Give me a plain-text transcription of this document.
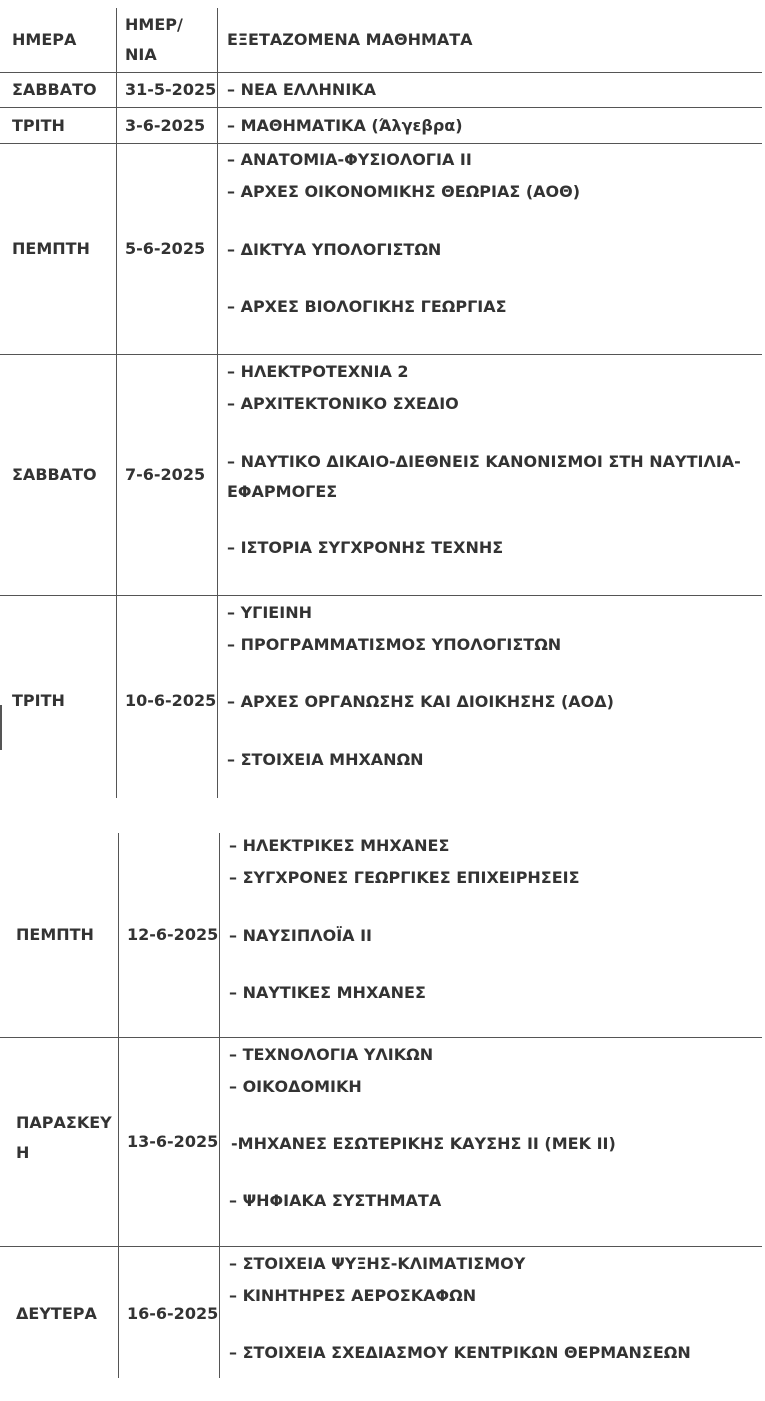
ΗΜΕΡΑ
ΗΜΕΡ/
ΝΙΑ
ΕΞΕΤΑΖΟΜΕΝΑ ΜΑΘΗΜΑΤΑ
ΣΑΒΒΑΤΟ 31-5-2025 – ΝΕΑ ΕΛΛΗΝΙΚΑ
ΤΡΙΤΗ	3-6-2025 – ΜΑΘΗΜΑΤΙΚΑ (Άλγεβρα)
ΠΕΜΠΤΗ 5-6-2025
– ΑΝΑΤΟΜΙΑ-ΦΥΣΙΟΛΟΓΙΑ ΙΙ
– ΑΡΧΕΣ ΟΙΚΟΝΟΜΙΚΗΣ ΘΕΩΡΙΑΣ (ΑΟΘ)
– ΔΙΚΤΥΑ ΥΠΟΛΟΓΙΣΤΩΝ
– ΑΡΧΕΣ ΒΙΟΛΟΓΙΚΗΣ ΓΕΩΡΓΙΑΣ
ΣΑΒΒΑΤΟ 7-6-2025
– ΗΛΕΚΤΡΟΤΕΧΝΙΑ 2
– ΑΡΧΙΤΕΚΤΟΝΙΚΟ ΣΧΕΔΙΟ
– ΝΑΥΤΙΚΟ ΔΙΚΑΙΟ-ΔΙΕΘΝΕΙΣ ΚΑΝΟΝΙΣΜΟΙ ΣΤΗ ΝΑΥΤΙΛΙΑ-ΕΦΑΡΜΟΓΕΣ
– ΙΣΤΟΡΙΑ ΣΥΓΧΡΟΝΗΣ ΤΕΧΝΗΣ
ΤΡΙΤΗ	10-6-2025
– ΥΓΙΕΙΝΗ
– ΠΡΟΓΡΑΜΜΑΤΙΣΜΟΣ ΥΠΟΛΟΓΙΣΤΩΝ
– ΑΡΧΕΣ ΟΡΓΑΝΩΣΗΣ ΚΑΙ ΔΙΟΙΚΗΣΗΣ (ΑΟΔ)
– ΣΤΟΙΧΕΙΑ ΜΗΧΑΝΩΝ
ΠΕΜΠΤΗ 12-6-2025
– ΗΛΕΚΤΡΙΚΕΣ ΜΗΧΑΝΕΣ
– ΣΥΓΧΡΟΝΕΣ ΓΕΩΡΓΙΚΕΣ ΕΠΙΧΕΙΡΗΣΕΙΣ
– ΝΑΥΣΙΠΛΟΪΑ ΙΙ
– ΝΑΥΤΙΚΕΣ ΜΗΧΑΝΕΣ
ΠΑΡΑΣΚΕΥ
Η
13-6-2025
– ΤΕΧΝΟΛΟΓΙΑ ΥΛΙΚΩΝ
– ΟΙΚΟΔΟΜΙΚΗ
-ΜΗΧΑΝΕΣ ΕΣΩΤΕΡΙΚΗΣ ΚΑΥΣΗΣ ΙΙ (ΜΕΚ ΙΙ)
– ΨΗΦΙΑΚΑ ΣΥΣΤΗΜΑΤΑ
ΔΕΥΤΕΡΑ 16-6-2025
– ΣΤΟΙΧΕΙΑ ΨΥΞΗΣ-ΚΛΙΜΑΤΙΣΜΟΥ
– ΚΙΝΗΤΗΡΕΣ ΑΕΡΟΣΚΑΦΩΝ
– ΣΤΟΙΧΕΙΑ ΣΧΕΔΙΑΣΜΟΥ ΚΕΝΤΡΙΚΩΝ ΘΕΡΜΑΝΣΕΩΝ
